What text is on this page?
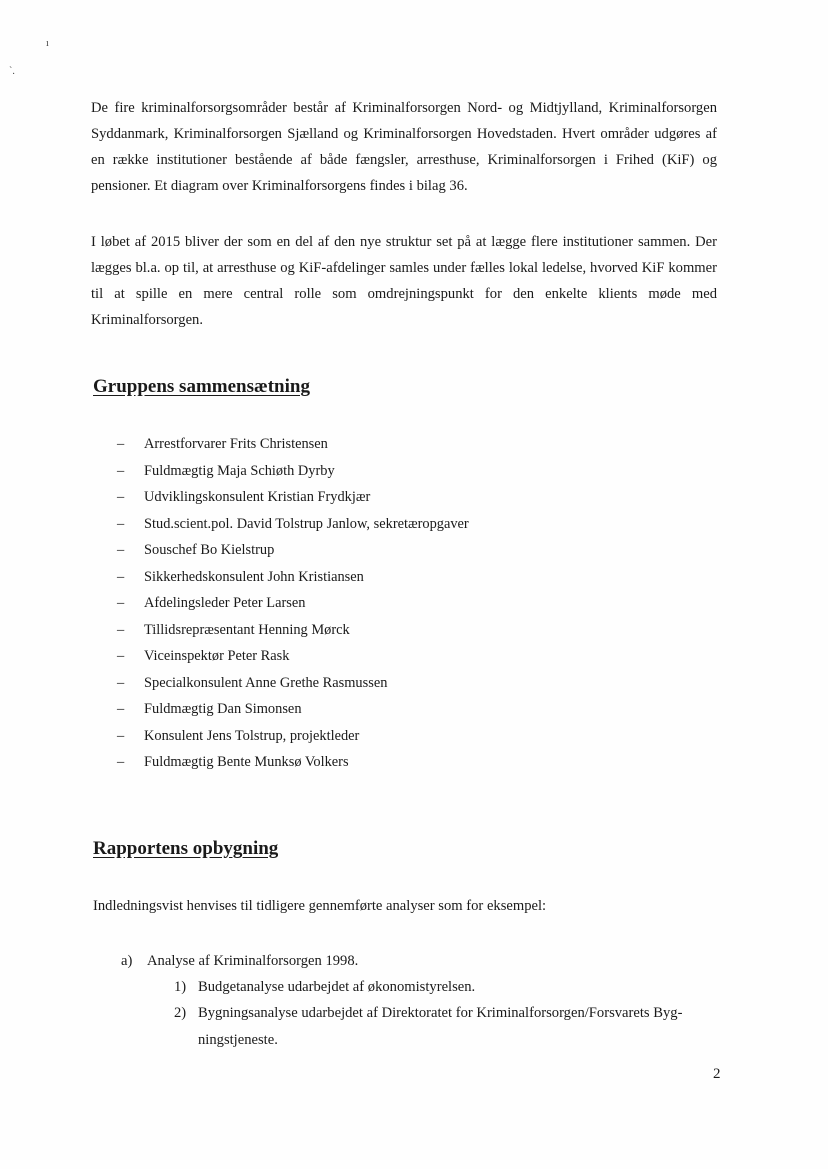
ı
`.

De fire kriminalforsorgsområder består af Kriminalforsorgen Nord- og Midtjylland, Kriminalforsorgen Syddanmark, Kriminalforsorgen Sjælland og Kriminalforsorgen Hovedstaden. Hvert områder udgøres af en række institutioner bestående af både fængsler, arresthuse, Kriminalforsorgen i Frihed (KiF) og pensioner. Et diagram over Kriminalforsorgens findes i bilag 36.

I løbet af 2015 bliver der som en del af den nye struktur set på at lægge flere institutioner sammen. Der lægges bl.a. op til, at arresthuse og KiF-afdelinger samles under fælles lokal ledelse, hvorved KiF kommer til at spille en mere central rolle som omdrejningspunkt for den enkelte klients møde med Kriminalforsorgen.

Gruppens sammensætning
– Arrestforvarer Frits Christensen
– Fuldmægtig Maja Schiøth Dyrby
– Udviklingskonsulent Kristian Frydkjær
– Stud.scient.pol. David Tolstrup Janlow, sekretæropgaver
– Souschef Bo Kielstrup
– Sikkerhedskonsulent John Kristiansen
– Afdelingsleder Peter Larsen
– Tillidsrepræsentant Henning Mørck
– Viceinspektør Peter Rask
– Specialkonsulent Anne Grethe Rasmussen
– Fuldmægtig Dan Simonsen
– Konsulent Jens Tolstrup, projektleder
– Fuldmægtig Bente Munksø Volkers
Rapportens opbygning

Indledningsvist henvises til tidligere gennemførte analyser som for eksempel:

a) Analyse af Kriminalforsorgen 1998.

1) Budgetanalyse udarbejdet af økonomistyrelsen.

2) Bygningsanalyse udarbejdet af Direktoratet for Kriminalforsorgen/Forsvarets Byg-
ningstjeneste.

2
